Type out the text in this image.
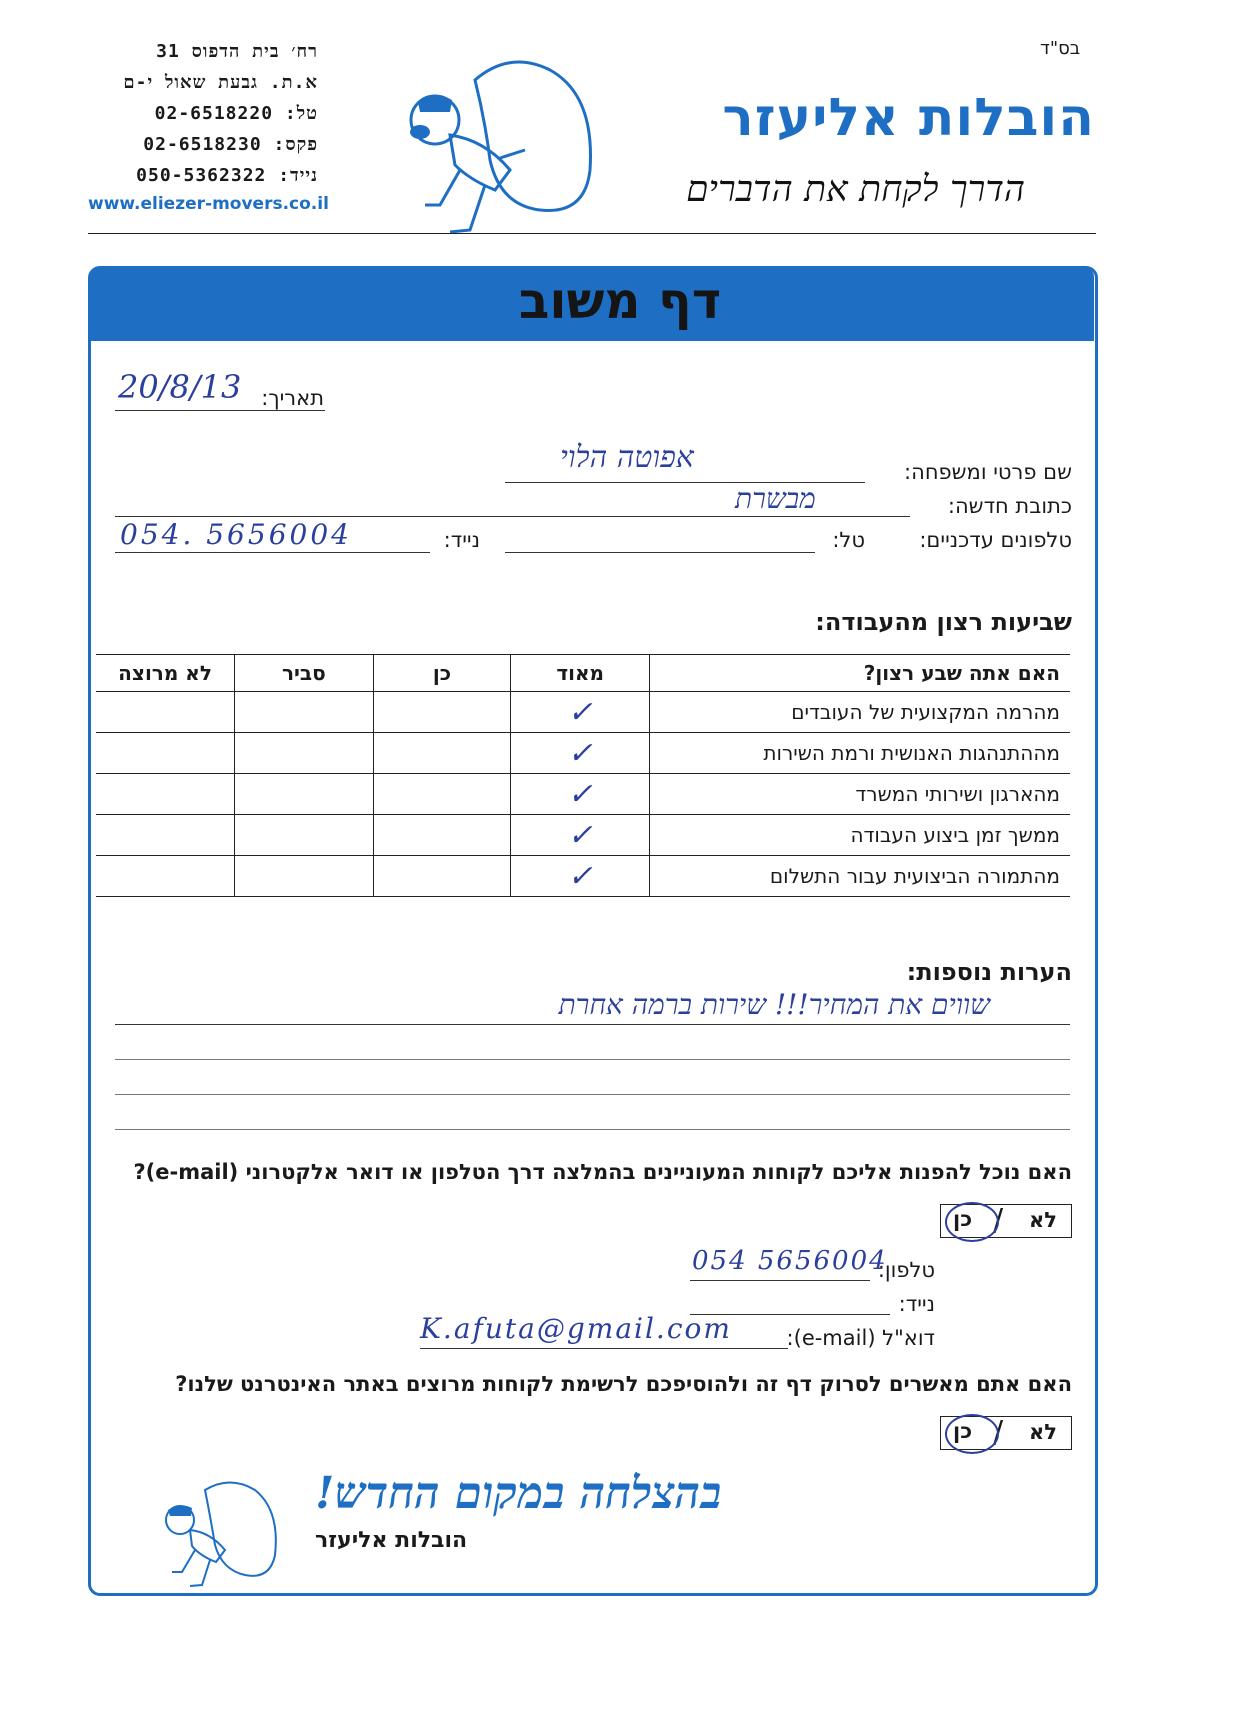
בס"ד
הובלות אליעזר
הדרך לקחת את הדברים
רח׳ בית הדפוס 31
א.ת. גבעת שאול י-ם
טל: 02-6518220
פקס: 02-6518230
נייד: 050-5362322
www.eliezer-movers.co.il
דף משוב
תאריך:
20/8/13
שם פרטי ומשפחה:
אפוטה הלוי
כתובת חדשה:
מבשרת
טלפונים עדכניים:
טל:
נייד:
054. 5656004
שביעות רצון מהעבודה:
האם אתה שבע רצון?	מאוד	כן	סביר	לא מרוצה
מהרמה המקצועית של העובדים	✓			
מההתנהגות האנושית ורמת השירות	✓			
מהארגון ושירותי המשרד	✓			
ממשך זמן ביצוע העבודה	✓			
מהתמורה הביצועית עבור התשלום	✓			
הערות נוספות:
שווים את המחיר!!! שירות ברמה אחרת
האם נוכל להפנות אליכם לקוחות המעוניינים בהמלצה דרך הטלפון או דואר אלקטרוני (e-mail)?
לא
/
כן
טלפון:
054 5656004
נייד:
דוא"ל (e-mail):
K.afuta@gmail.com
האם אתם מאשרים לסרוק דף זה ולהוסיפכם לרשימת לקוחות מרוצים באתר האינטרנט שלנו?
לא
/
כן
בהצלחה במקום החדש!
הובלות אליעזר
